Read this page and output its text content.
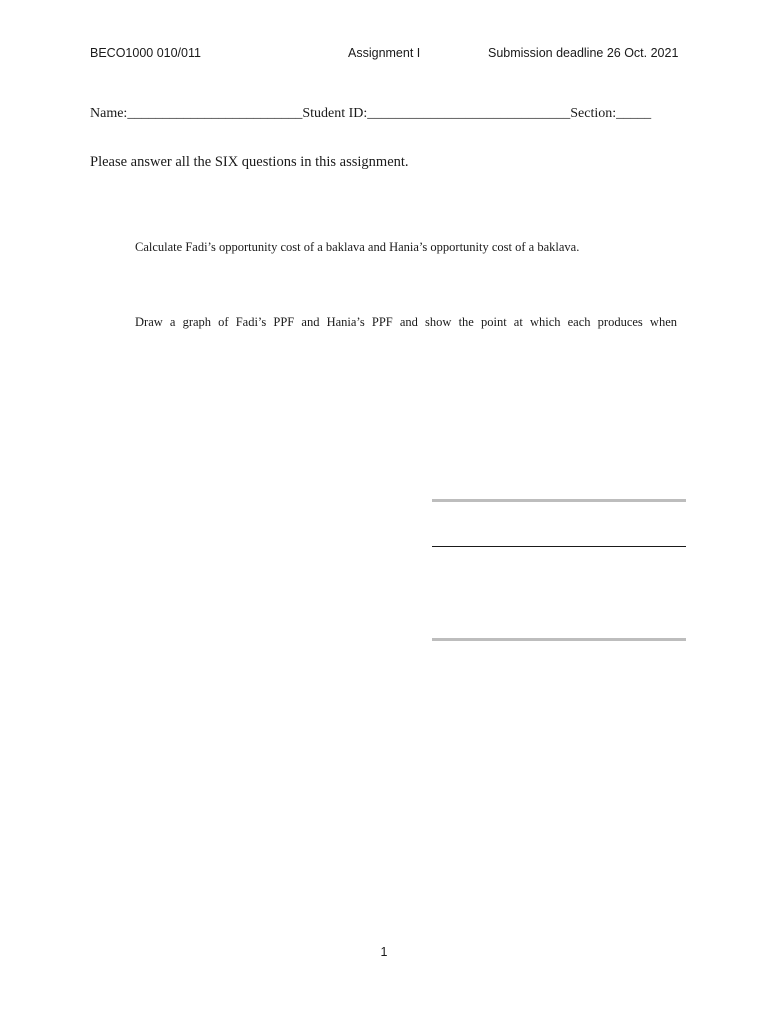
BECO1000 010/011	Assignment I	Submission deadline 26 Oct. 2021
Name:_________________________Student ID:_____________________________Section:_____
Please answer all the SIX questions in this assignment.
Calculate Fadi’s opportunity cost of a baklava and Hania’s opportunity cost of a baklava.
Draw a graph of Fadi’s PPF and Hania’s PPF and show the point at which each produces when
1
